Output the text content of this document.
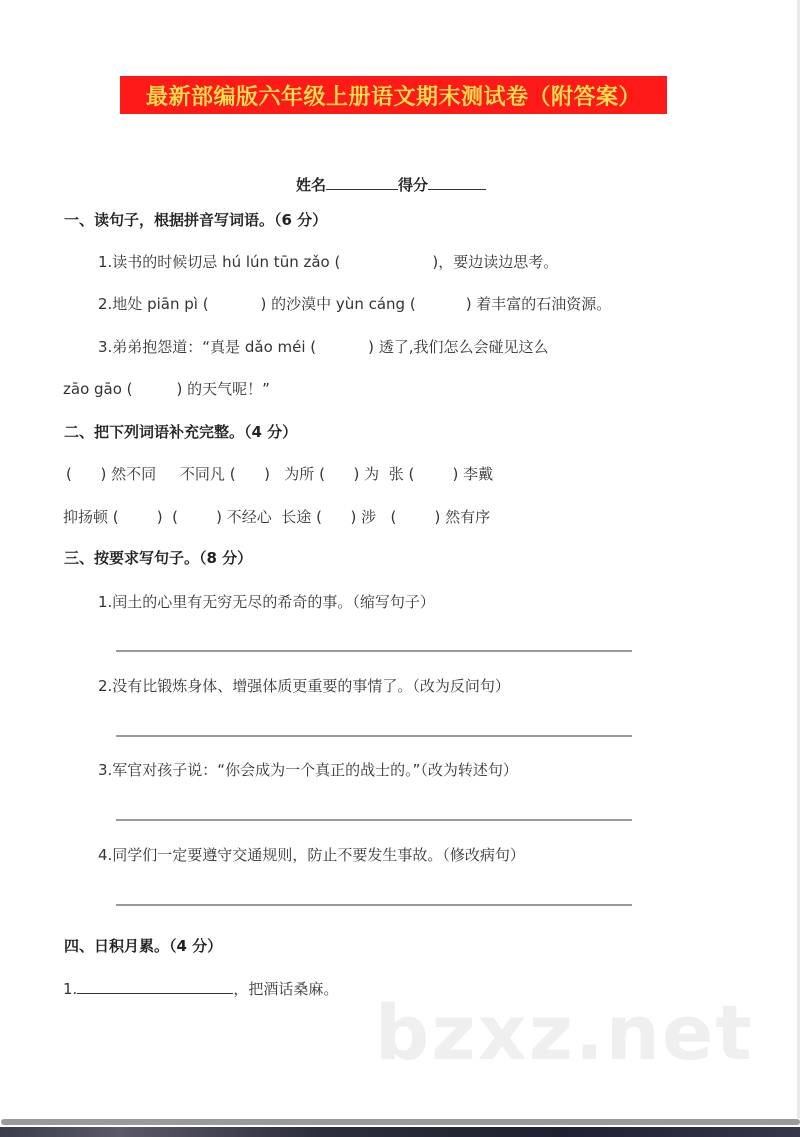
最新部编版六年级上册语文期末测试卷（附答案）
姓名	得分
一、读句子，根据拼音写词语。（6 分）
1.读书的时候切忌 hú lún tūn zǎo (	)，要边读边思考。
2.地处 piān pì (	) 的沙漠中 yùn cáng (	) 着丰富的石油资源。
3.弟弟抱怨道：“真是 dǎo méi (	) 透了,我们怎么会碰见这么
zāo gāo (	) 的天气呢！”
二、把下列词语补充完整。（4 分）
(      ) 然不同     不同凡 (      )   为所 (      ) 为  张 (        ) 李戴
抑扬顿 (        )  (        ) 不经心  长途 (      ) 涉   (        ) 然有序
三、按要求写句子。（8 分）
1.闰土的心里有无穷无尽的希奇的事。（缩写句子）
2.没有比锻炼身体、增强体质更重要的事情了。（改为反问句）
3.军官对孩子说：“你会成为一个真正的战士的。”（改为转述句）
4.同学们一定要遵守交通规则，防止不要发生事故。（修改病句）
四、日积月累。（4 分）
1.	，把酒话桑麻。 bzxz.net
